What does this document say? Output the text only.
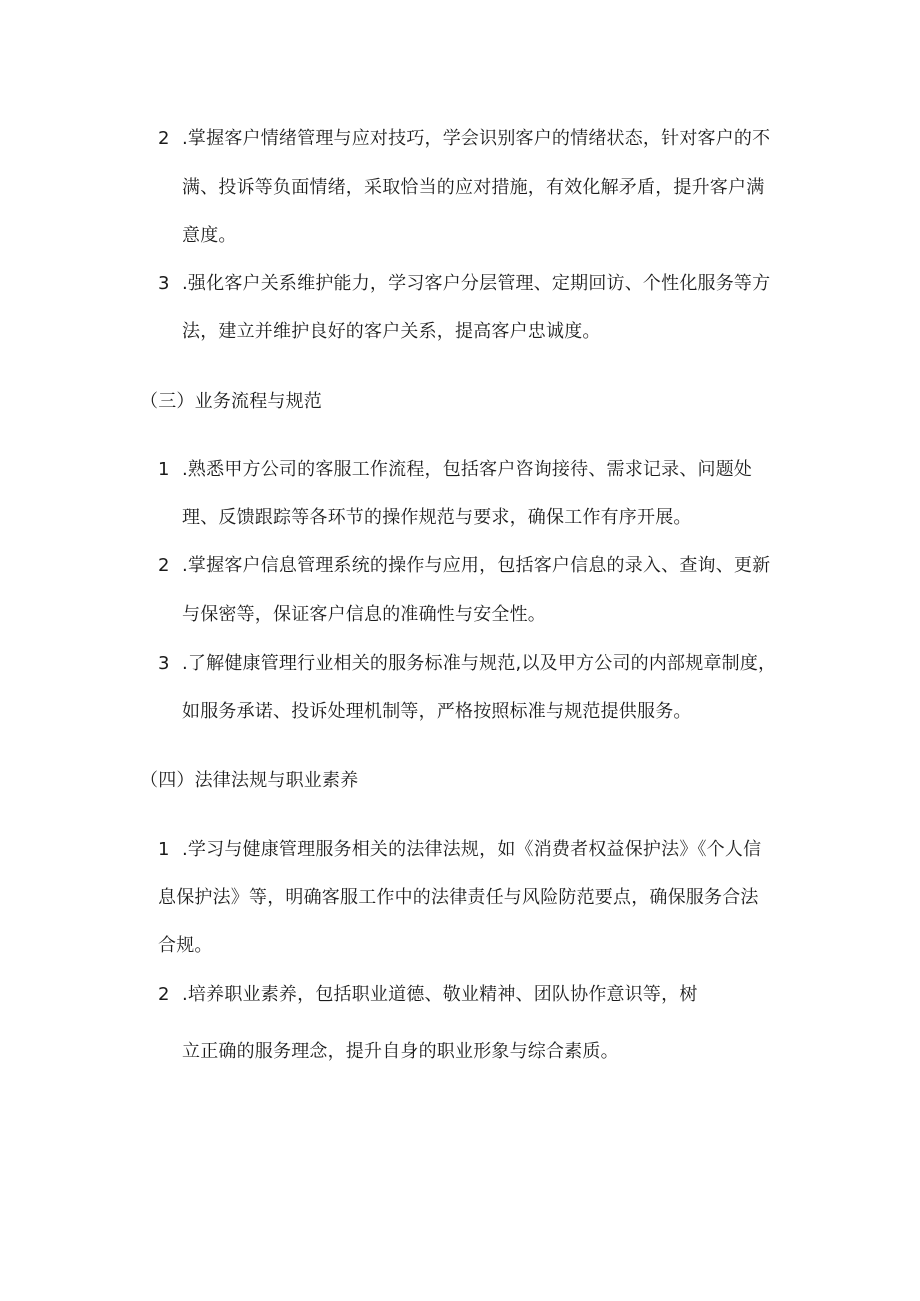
2 .掌握客户情绪管理与应对技巧，学会识别客户的情绪状态，针对客户的不
满、投诉等负面情绪，采取恰当的应对措施，有效化解矛盾，提升客户满
意度。
3 .强化客户关系维护能力，学习客户分层管理、定期回访、个性化服务等方
法，建立并维护良好的客户关系，提高客户忠诚度。
（三）业务流程与规范
1 .熟悉甲方公司的客服工作流程，包括客户咨询接待、需求记录、问题处
理、反馈跟踪等各环节的操作规范与要求，确保工作有序开展。
2 .掌握客户信息管理系统的操作与应用，包括客户信息的录入、查询、更新
与保密等，保证客户信息的准确性与安全性。
3 .了解健康管理行业相关的服务标准与规范,以及甲方公司的内部规章制度，
如服务承诺、投诉处理机制等，严格按照标准与规范提供服务。
（四）法律法规与职业素养
1 .学习与健康管理服务相关的法律法规，如《消费者权益保护法》《个人信
息保护法》等，明确客服工作中的法律责任与风险防范要点，确保服务合法
合规。
2 .培养职业素养，包括职业道德、敬业精神、团队协作意识等，树
立正确的服务理念，提升自身的职业形象与综合素质。
